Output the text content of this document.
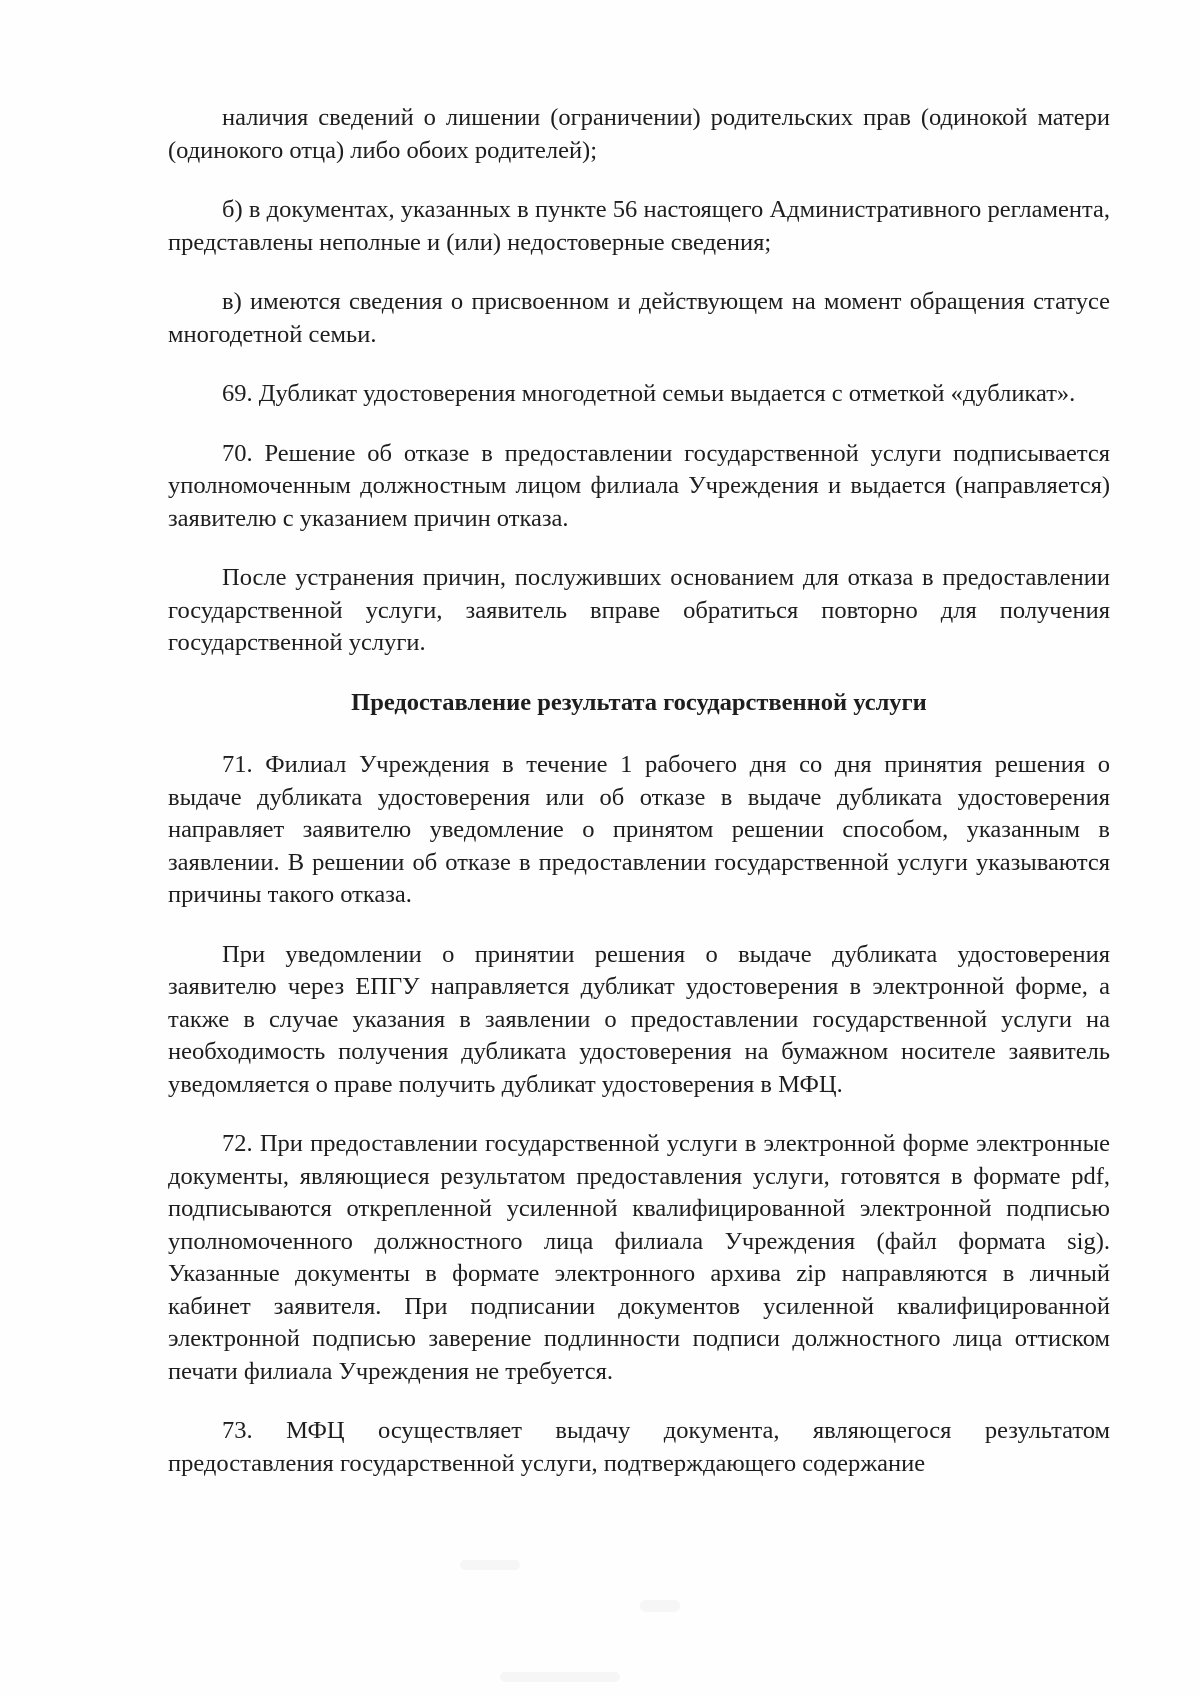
наличия сведений о лишении (ограничении) родительских прав (одинокой матери (одинокого отца) либо обоих родителей);

б) в документах, указанных в пункте 56 настоящего Административного регламента, представлены неполные и (или) недостоверные сведения;

в) имеются сведения о присвоенном и действующем на момент обращения статусе многодетной семьи.

69. Дубликат удостоверения многодетной семьи выдается с отметкой «дубликат».

70. Решение об отказе в предоставлении государственной услуги подписывается уполномоченным должностным лицом филиала Учреждения и выдается (направляется) заявителю с указанием причин отказа.

После устранения причин, послуживших основанием для отказа в предоставлении государственной услуги, заявитель вправе обратиться повторно для получения государственной услуги.

Предоставление результата государственной услуги

71. Филиал Учреждения в течение 1 рабочего дня со дня принятия решения о выдаче дубликата удостоверения или об отказе в выдаче дубликата удостоверения направляет заявителю уведомление о принятом решении способом, указанным в заявлении. В решении об отказе в предоставлении государственной услуги указываются причины такого отказа.

При уведомлении о принятии решения о выдаче дубликата удостоверения заявителю через ЕПГУ направляется дубликат удостоверения в электронной форме, а также в случае указания в заявлении о предоставлении государственной услуги на необходимость получения дубликата удостоверения на бумажном носителе заявитель уведомляется о праве получить дубликат удостоверения в МФЦ.

72. При предоставлении государственной услуги в электронной форме электронные документы, являющиеся результатом предоставления услуги, готовятся в формате pdf, подписываются открепленной усиленной квалифицированной электронной подписью уполномоченного должностного лица филиала Учреждения (файл формата sig). Указанные документы в формате электронного архива zip направляются в личный кабинет заявителя. При подписании документов усиленной квалифицированной электронной подписью заверение подлинности подписи должностного лица оттиском печати филиала Учреждения не требуется.

73. МФЦ осуществляет выдачу документа, являющегося результатом предоставления государственной услуги, подтверждающего содержание
